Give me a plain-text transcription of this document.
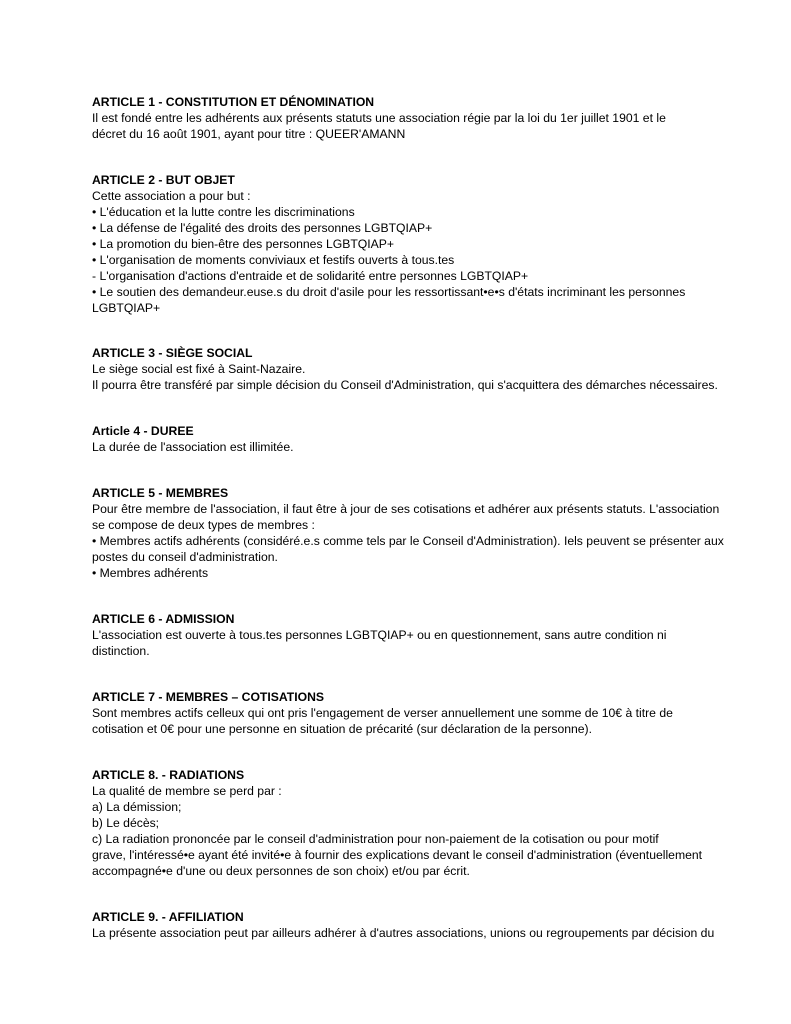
ARTICLE 1 - CONSTITUTION ET DÉNOMINATION

Il est fondé entre les adhérents aux présents statuts une association régie par la loi du 1er juillet 1901 et le

décret du 16 août 1901, ayant pour titre : QUEER'AMANN

ARTICLE 2 - BUT OBJET

Cette association a pour but :

• L'éducation et la lutte contre les discriminations

• La défense de l'égalité des droits des personnes LGBTQIAP+

• La promotion du bien-être des personnes LGBTQIAP+

• L'organisation de moments conviviaux et festifs ouverts à tous.tes

- L'organisation d'actions d'entraide et de solidarité entre personnes LGBTQIAP+

• Le soutien des demandeur.euse.s du droit d'asile pour les ressortissant•e•s d'états incriminant les personnes

LGBTQIAP+

ARTICLE 3 - SIÈGE SOCIAL

Le siège social est fixé à Saint-Nazaire.

Il pourra être transféré par simple décision du Conseil d'Administration, qui s'acquittera des démarches nécessaires.

Article 4 - DUREE

La durée de l'association est illimitée.

ARTICLE 5 - MEMBRES

Pour être membre de l'association, il faut être à jour de ses cotisations et adhérer aux présents statuts. L'association

se compose de deux types de membres :

• Membres actifs adhérents (considéré.e.s comme tels par le Conseil d'Administration). Iels peuvent se présenter aux

postes du conseil d'administration.

• Membres adhérents

ARTICLE 6 - ADMISSION

L'association est ouverte à tous.tes personnes LGBTQIAP+ ou en questionnement, sans autre condition ni

distinction.

ARTICLE 7 - MEMBRES – COTISATIONS

Sont membres actifs celleux qui ont pris l'engagement de verser annuellement une somme de 10€ à titre de

cotisation et 0€ pour une personne en situation de précarité (sur déclaration de la personne).

ARTICLE 8. - RADIATIONS

La qualité de membre se perd par :

a) La démission;

b) Le décès;

c) La radiation prononcée par le conseil d'administration pour non-paiement de la cotisation ou pour motif

grave, l'intéressé•e ayant été invité•e à fournir des explications devant le conseil d'administration (éventuellement

accompagné•e d'une ou deux personnes de son choix) et/ou par écrit.

ARTICLE 9. - AFFILIATION

La présente association peut par ailleurs adhérer à d'autres associations, unions ou regroupements par décision du
